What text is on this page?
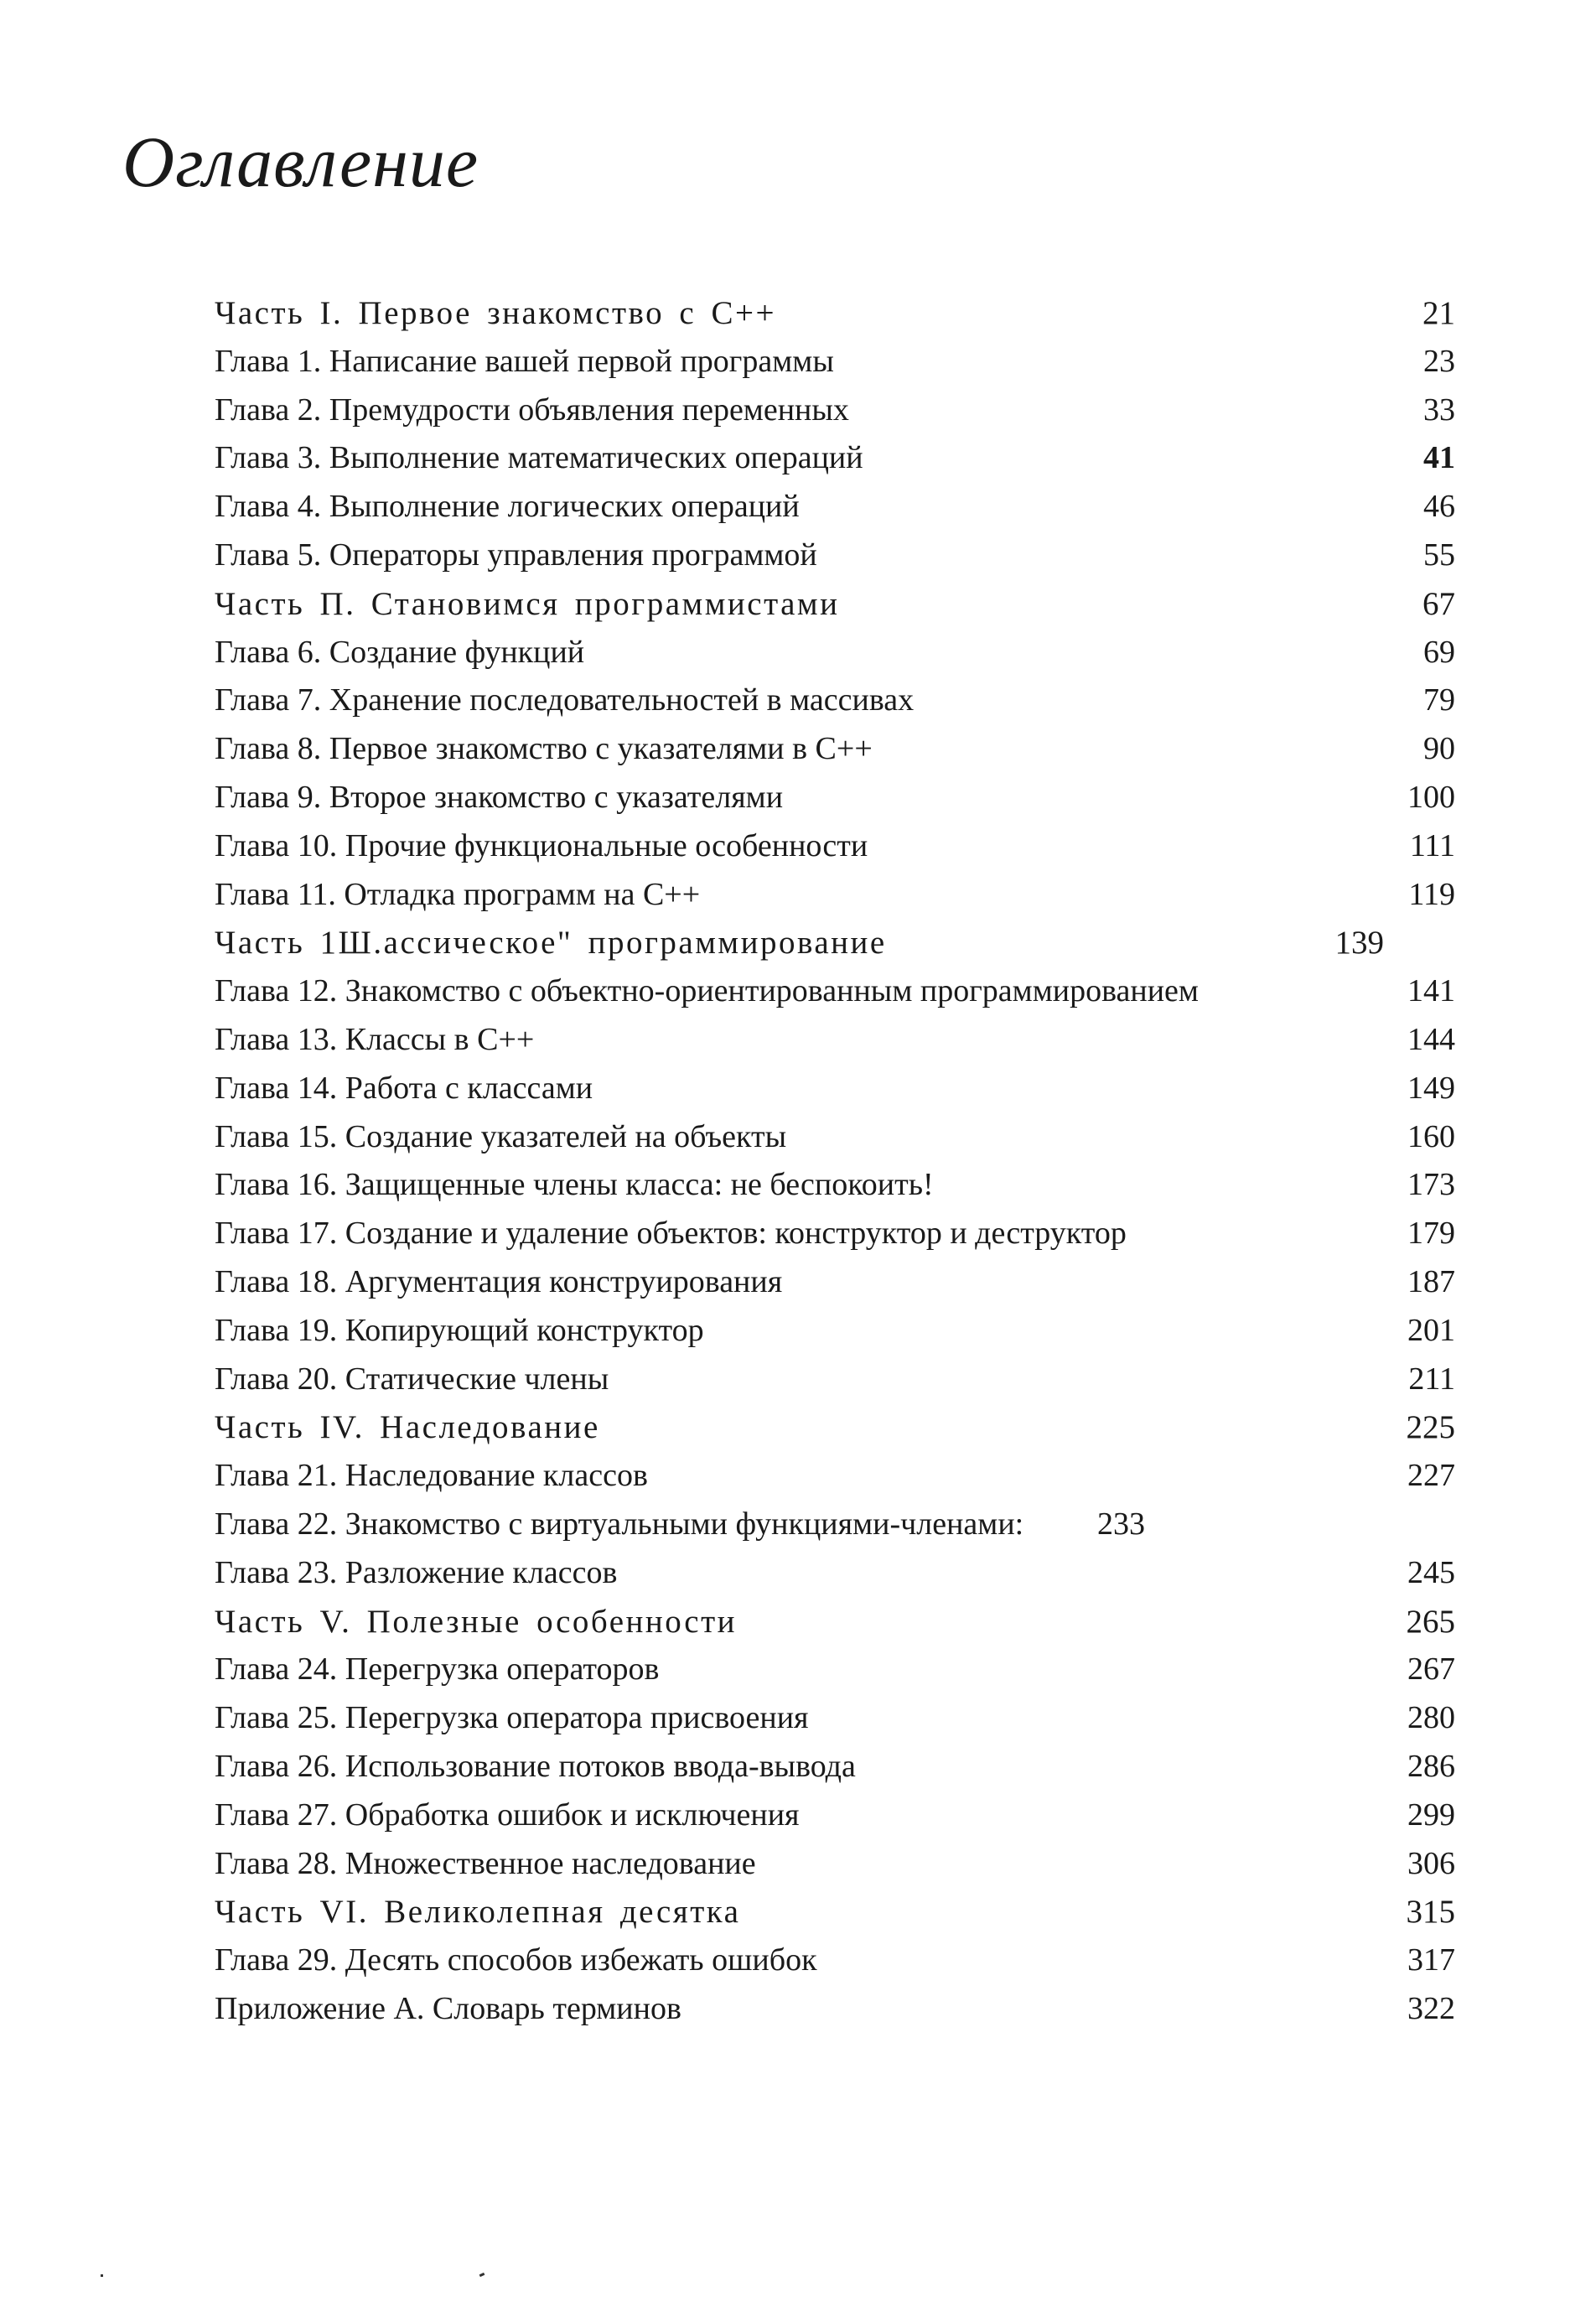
Оглавление
Часть I. Первое знакомство с С++	21
Глава 1. Написание вашей первой программы	23
Глава 2. Премудрости объявления переменных	33
Глава 3. Выполнение математических операций	41
Глава 4. Выполнение логических операций	46
Глава 5. Операторы управления программой	55
Часть П. Становимся программистами	67
Глава 6. Создание функций	69
Глава 7. Хранение последовательностей в массивах	79
Глава 8. Первое знакомство с указателями в С++	90
Глава 9. Второе знакомство с указателями	100
Глава 10. Прочие функциональные особенности	111
Глава 11. Отладка программ на С++	119
Часть 1Ш.ассическое" программирование	139
Глава 12. Знакомство с объектно-ориентированным программированием	141
Глава 13. Классы в С++	144
Глава 14. Работа с классами	149
Глава 15. Создание указателей на объекты	160
Глава 16. Защищенные члены класса: не беспокоить!	173
Глава 17. Создание и удаление объектов: конструктор и деструктор	179
Глава 18. Аргументация конструирования	187
Глава 19. Копирующий конструктор	201
Глава 20. Статические члены	211
Часть IV. Наследование	225
Глава 21. Наследование классов	227
Глава 22. Знакомство с виртуальными функциями-членами: 233
Глава 23. Разложение классов	245
Часть V. Полезные особенности	265
Глава 24. Перегрузка операторов	267
Глава 25. Перегрузка оператора присвоения	280
Глава 26. Использование потоков ввода-вывода	286
Глава 27. Обработка ошибок и исключения	299
Глава 28. Множественное наследование	306
Часть VI. Великолепная десятка	315
Глава 29. Десять способов избежать ошибок	317
Приложение А. Словарь терминов	322
